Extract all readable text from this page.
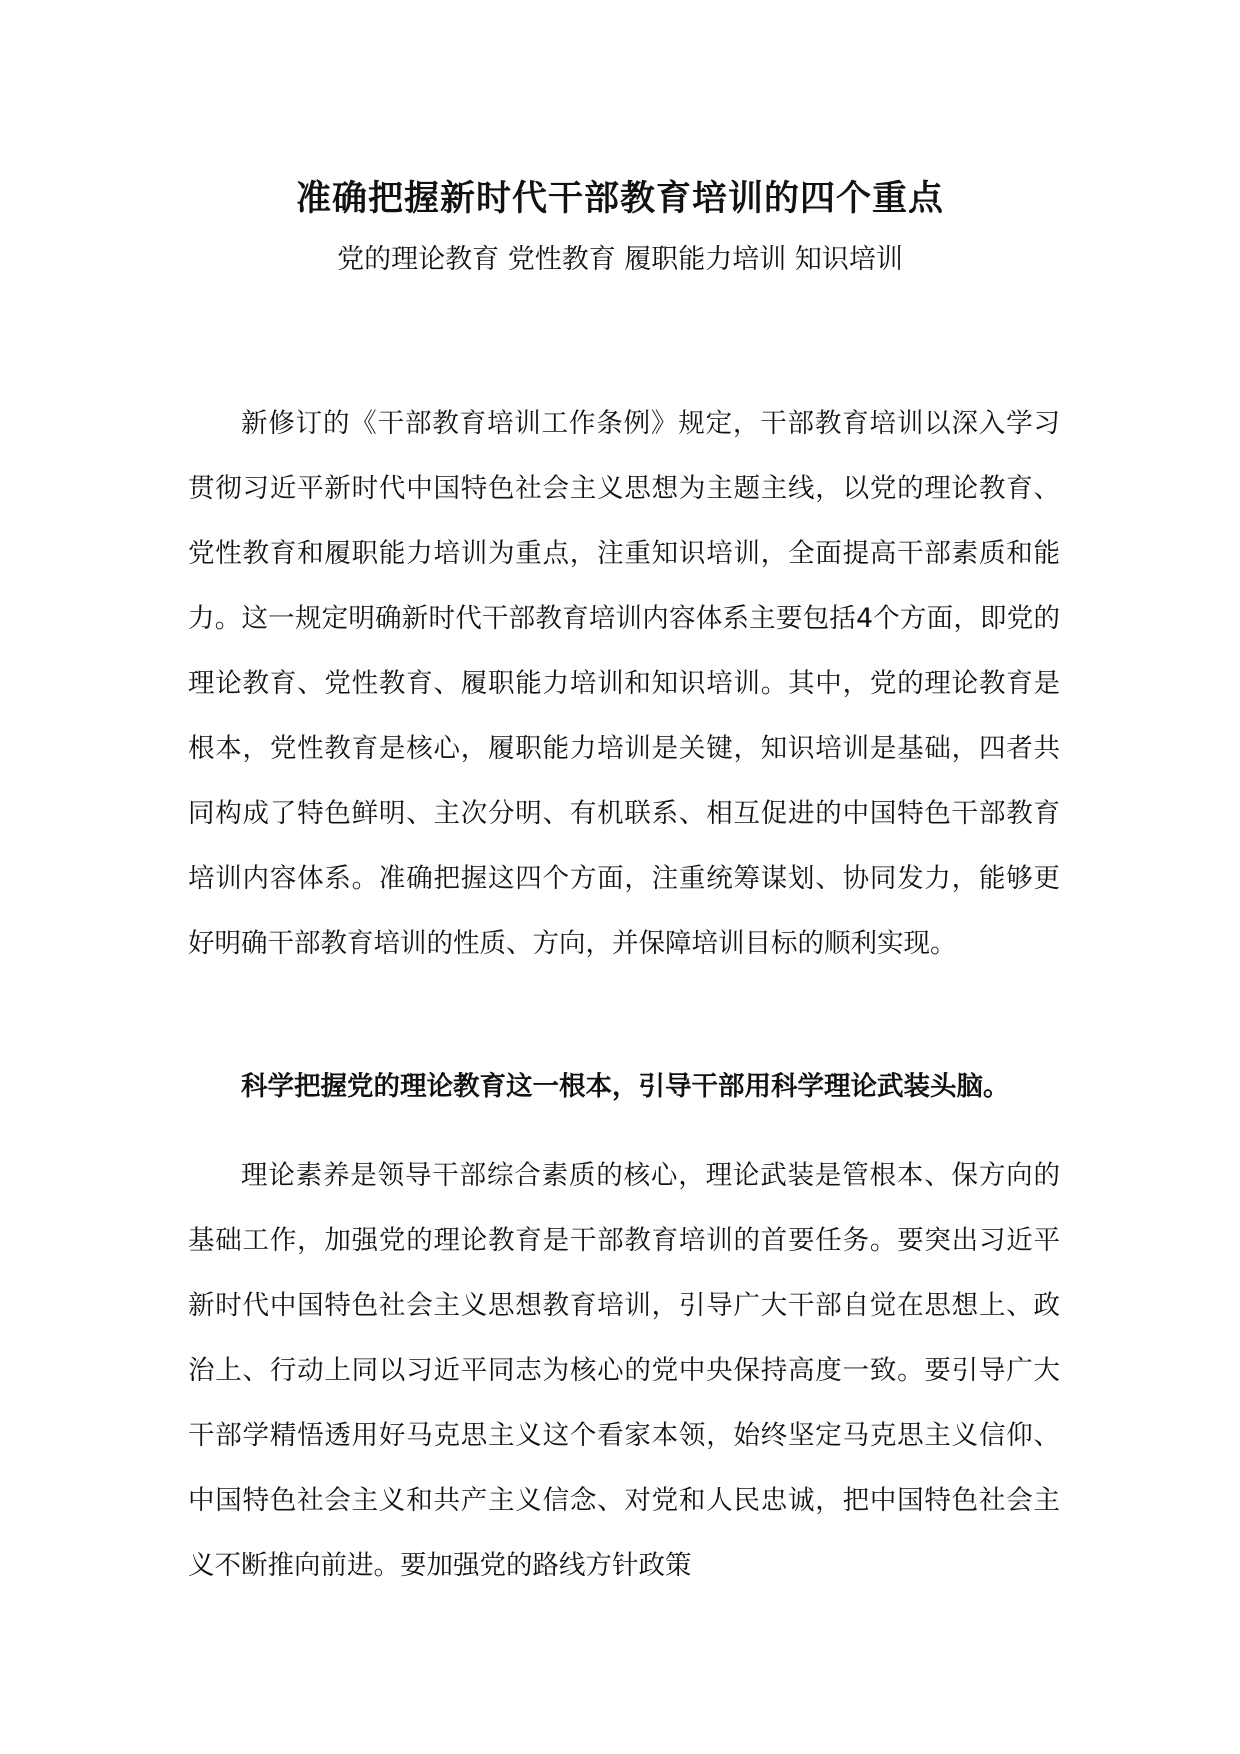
准确把握新时代干部教育培训的四个重点

党的理论教育 党性教育 履职能力培训 知识培训

新修订的《干部教育培训工作条例》规定，干部教育培训以深入学习贯彻习近平新时代中国特色社会主义思想为主题主线，以党的理论教育、党性教育和履职能力培训为重点，注重知识培训，全面提高干部素质和能力。这一规定明确新时代干部教育培训内容体系主要包括4个方面，即党的理论教育、党性教育、履职能力培训和知识培训。其中，党的理论教育是根本，党性教育是核心，履职能力培训是关键，知识培训是基础，四者共同构成了特色鲜明、主次分明、有机联系、相互促进的中国特色干部教育培训内容体系。准确把握这四个方面，注重统筹谋划、协同发力，能够更好明确干部教育培训的性质、方向，并保障培训目标的顺利实现。

科学把握党的理论教育这一根本，引导干部用科学理论武装头脑。

理论素养是领导干部综合素质的核心，理论武装是管根本、保方向的基础工作，加强党的理论教育是干部教育培训的首要任务。要突出习近平新时代中国特色社会主义思想教育培训，引导广大干部自觉在思想上、政治上、行动上同以习近平同志为核心的党中央保持高度一致。要引导广大干部学精悟透用好马克思主义这个看家本领，始终坚定马克思主义信仰、中国特色社会主义和共产主义信念、对党和人民忠诚，把中国特色社会主义不断推向前进。要加强党的路线方针政策
